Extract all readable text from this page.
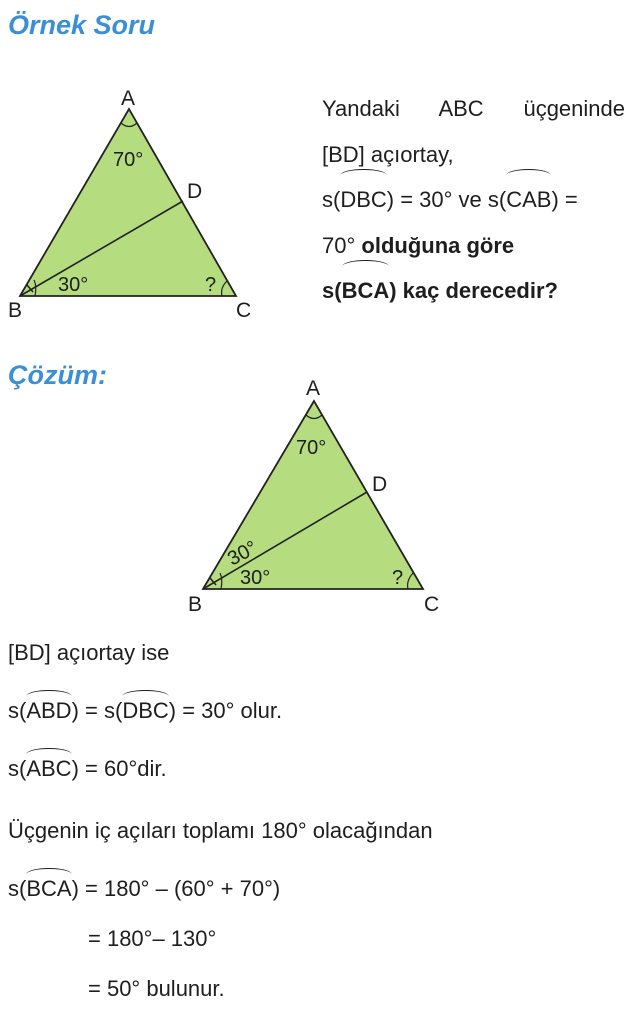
Örnek Soru
A
B	C
D
70°
30°	?
Yandaki ABC üçgeninde
[BD] açıortay,
s(DBC) = 30° ve s(CAB) =
70° olduğuna göre
s(BCA) kaç derecedir?
Çözüm:	A
B	C
D
70°
30°
30°	?
[BD] açıortay ise
s(ABD) = s(DBC) = 30° olur.
s(ABC) = 60°dir.
Üçgenin iç açıları toplamı 180° olacağından
s(BCA) = 180° – (60° + 70°)
= 180°– 130°
= 50° bulunur.
